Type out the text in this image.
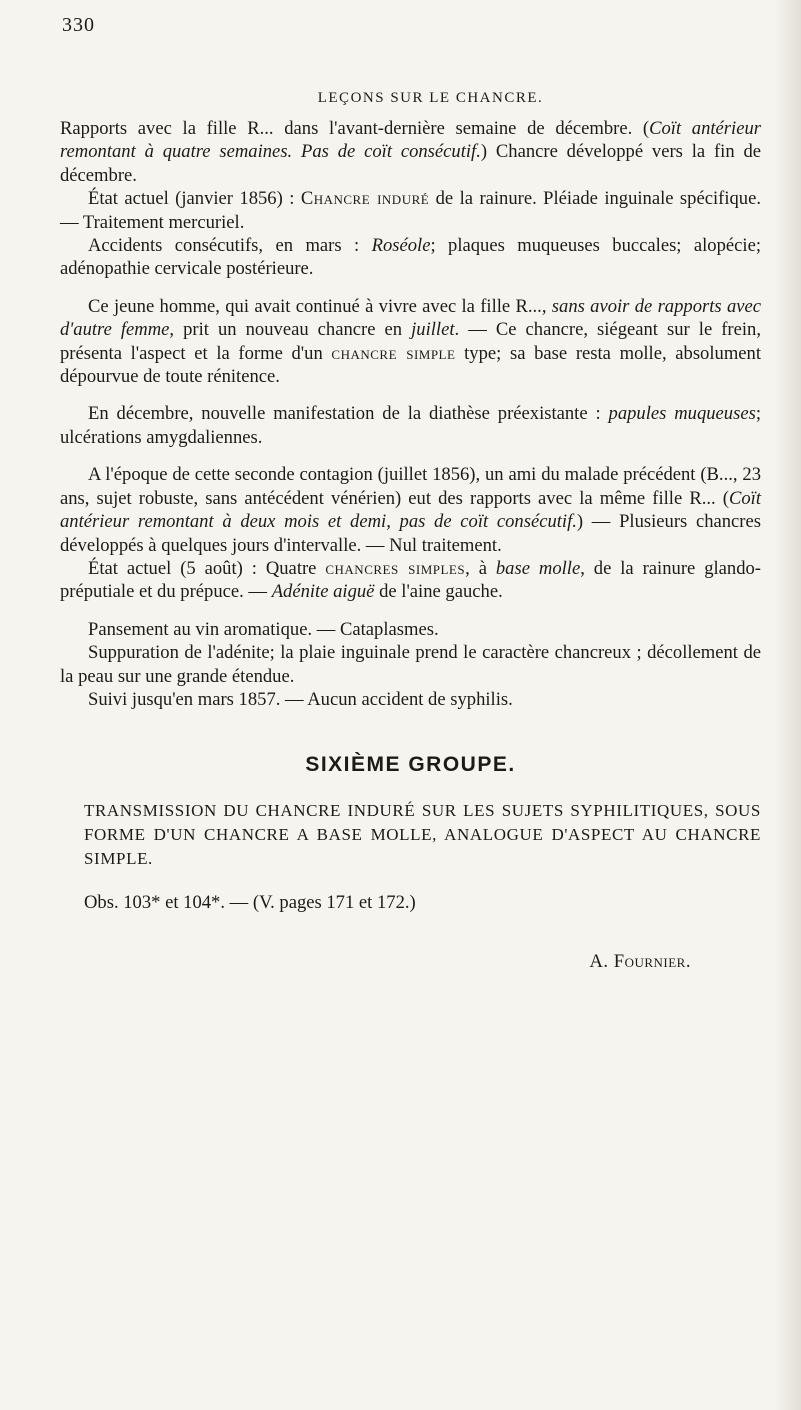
330
LEÇONS SUR LE CHANCRE.

Rapports avec la fille R... dans l'avant-dernière semaine de décembre. (Coït antérieur remontant à quatre semaines. Pas de coït consécutif.) Chancre développé vers la fin de décembre.

État actuel (janvier 1856) : Chancre induré de la rainure. Pléiade inguinale spécifique. — Traitement mercuriel.

Accidents consécutifs, en mars : Roséole; plaques muqueuses buccales; alopécie; adénopathie cervicale postérieure.

Ce jeune homme, qui avait continué à vivre avec la fille R..., sans avoir de rapports avec d'autre femme, prit un nouveau chancre en juillet. — Ce chancre, siégeant sur le frein, présenta l'aspect et la forme d'un chancre simple type; sa base resta molle, absolument dépourvue de toute rénitence.

En décembre, nouvelle manifestation de la diathèse préexistante : papules muqueuses; ulcérations amygdaliennes.

A l'époque de cette seconde contagion (juillet 1856), un ami du malade précédent (B..., 23 ans, sujet robuste, sans antécédent vénérien) eut des rapports avec la même fille R... (Coït antérieur remontant à deux mois et demi, pas de coït consécutif.) — Plusieurs chancres développés à quelques jours d'intervalle. — Nul traitement.

État actuel (5 août) : Quatre chancres simples, à base molle, de la rainure glando-préputiale et du prépuce. — Adénite aiguë de l'aine gauche.

Pansement au vin aromatique. — Cataplasmes.

Suppuration de l'adénite; la plaie inguinale prend le caractère chancreux ; décollement de la peau sur une grande étendue.

Suivi jusqu'en mars 1857. — Aucun accident de syphilis.

SIXIÈME GROUPE.
TRANSMISSION DU CHANCRE INDURÉ SUR LES SUJETS SYPHILITIQUES, SOUS FORME D'UN CHANCRE A BASE MOLLE, ANALOGUE D'ASPECT AU CHANCRE SIMPLE.

Obs. 103* et 104*. — (V. pages 171 et 172.)

A. Fournier.
